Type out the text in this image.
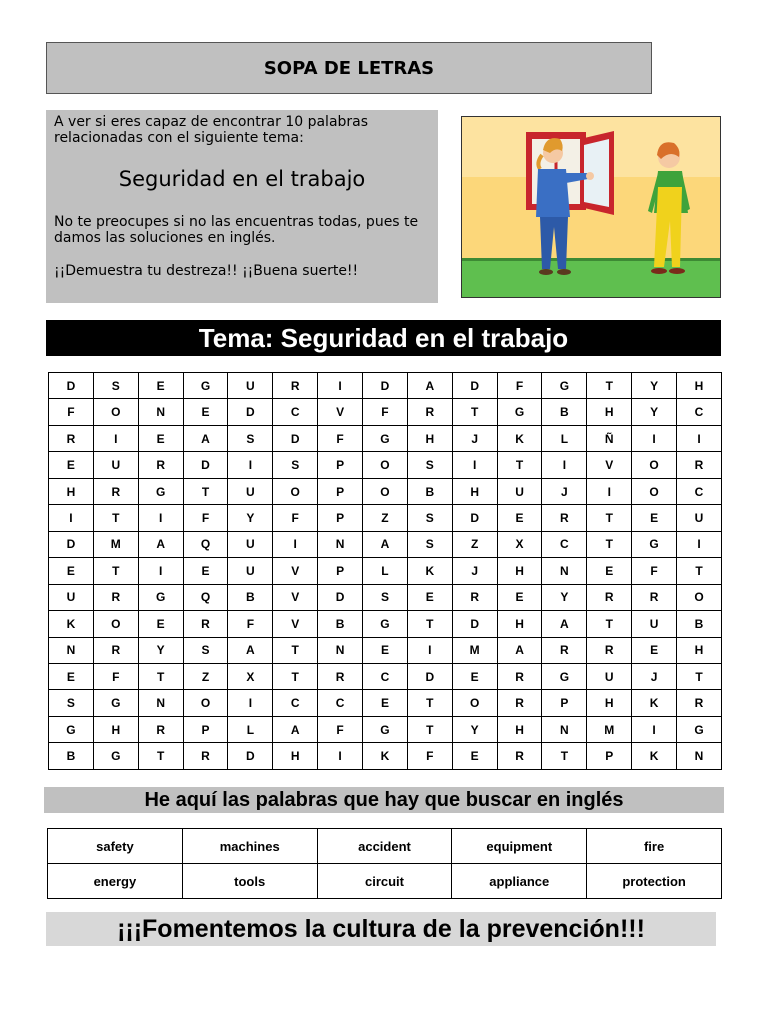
SOPA DE LETRAS

A ver si eres capaz de encontrar 10 palabras relacionadas con el siguiente tema:

Seguridad en el trabajo

No te preocupes si no las encuentras todas, pues te damos las soluciones en inglés.

¡¡Demuestra tu destreza!! ¡¡Buena suerte!!

Tema: Seguridad en el trabajo
D	S	E	G	U	R	I	D	A	D	F	G	T	Y	H
F	O	N	E	D	C	V	F	R	T	G	B	H	Y	C
R	I	E	A	S	D	F	G	H	J	K	L	Ñ	I	I
E	U	R	D	I	S	P	O	S	I	T	I	V	O	R
H	R	G	T	U	O	P	O	B	H	U	J	I	O	C
I	T	I	F	Y	F	P	Z	S	D	E	R	T	E	U
D	M	A	Q	U	I	N	A	S	Z	X	C	T	G	I
E	T	I	E	U	V	P	L	K	J	H	N	E	F	T
U	R	G	Q	B	V	D	S	E	R	E	Y	R	R	O
K	O	E	R	F	V	B	G	T	D	H	A	T	U	B
N	R	Y	S	A	T	N	E	I	M	A	R	R	E	H
E	F	T	Z	X	T	R	C	D	E	R	G	U	J	T
S	G	N	O	I	C	C	E	T	O	R	P	H	K	R
G	H	R	P	L	A	F	G	T	Y	H	N	M	I	G
B	G	T	R	D	H	I	K	F	E	R	T	P	K	N
He aquí las palabras que hay que buscar en inglés
safety	machines	accident	equipment	fire
energy	tools	circuit	appliance	protection
¡¡¡Fomentemos la cultura de la prevención!!!
